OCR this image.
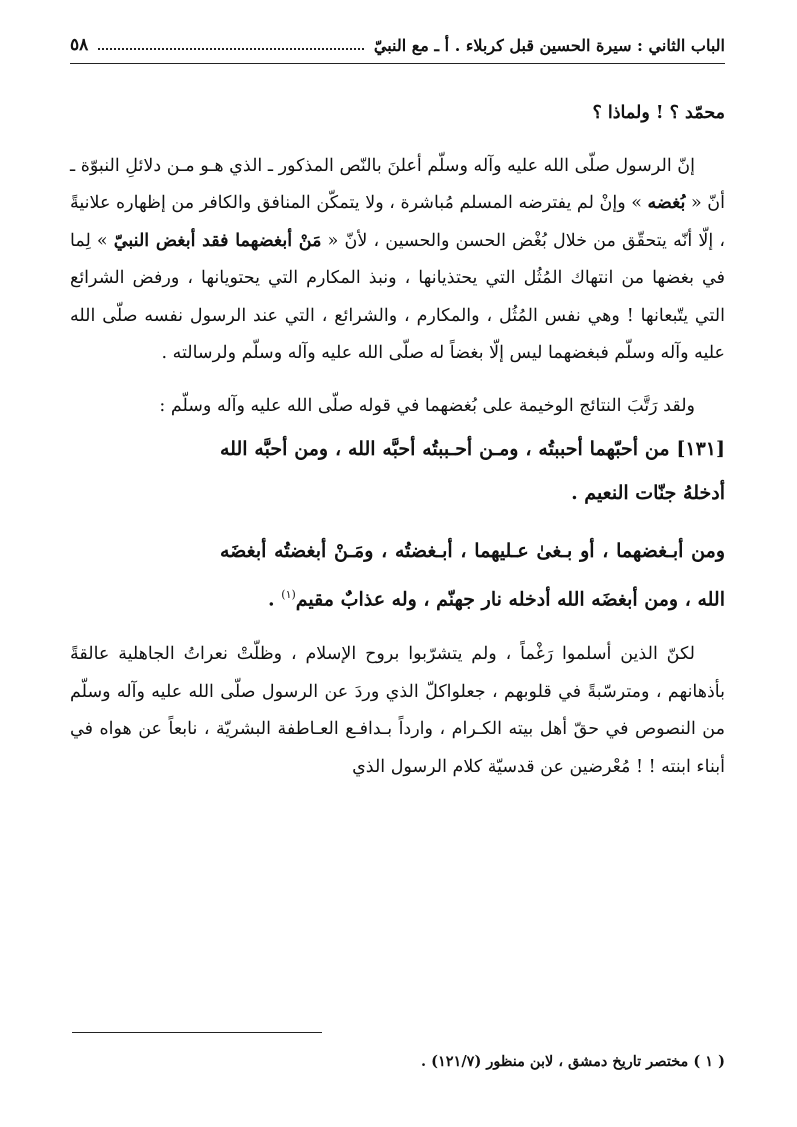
الباب الثاني : سيرة الحسين قبل كربلاء . أ ـ مع النبيّ
٥٨

محمّد ؟ ! ولماذا ؟

إنّ الرسول صلّى الله عليه وآله وسلّم أعلنَ بالنّص المذكور ـ الذي هـو مـن دلائلِ النبوّة ـ أنّ « بُغضه » وإنْ لم يفترضه المسلم مُباشرة ، ولا يتمكّن المنافق والكافر من إظهاره علانيةً ، إلّا أنّه يتحقّق من خلال بُغْض الحسن والحسين ، لأنّ « مَنْ أبغضهما فقد أبغض النبيّ » لِما في بغضها من انتهاك المُثُل التي يحتذيانها ، ونبذ المكارم التي يحتويانها ، ورفض الشرائع التي يتّبعانها ! وهي نفس المُثُل ، والمكارم ، والشرائع ، التي عند الرسول نفسه صلّى الله عليه وآله وسلّم فبغضهما ليس إلّا بغضاً له صلّى الله عليه وآله وسلّم ولرسالته .

ولقد رَتَّبَ النتائج الوخيمة على بُغضهما في قوله صلّى الله عليه وآله وسلّم :

[١٣١] من أحبّهما أحببتُه ، ومـن أحـببتُه أحبَّه الله ، ومن أحبَّه الله أدخلهُ جنّات النعيم .

ومن أبـغضهما ، أو بـغىٰ عـليهما ، أبـغضتُه ، ومَـنْ أبغضتُه أبغضَه الله ، ومن أبغضَه الله أدخله نار جهنّم ، وله عذابٌ مقيم$^{(١)}$ .

لكنّ الذين أسلموا رَغْماً ، ولم يتشرّبوا بروح الإسلام ، وظلّتْ نعراتُ الجاهلية عالقةً بأذهانهم ، ومترسّبةً في قلوبهم ، جعلواكلّ الذي وردَ عن الرسول صلّى الله عليه وآله وسلّم من النصوص في حقّ أهل بيته الكـرام ، وارداً بـدافـع العـاطفة البشريّة ، نابعاً عن هواه في أبناء ابنته ! ! مُعْرضين عن قدسيّة كلام الرسول الذي

( ١ ) مختصر تاريخ دمشق ، لابن منظور (١٢١/٧) .
